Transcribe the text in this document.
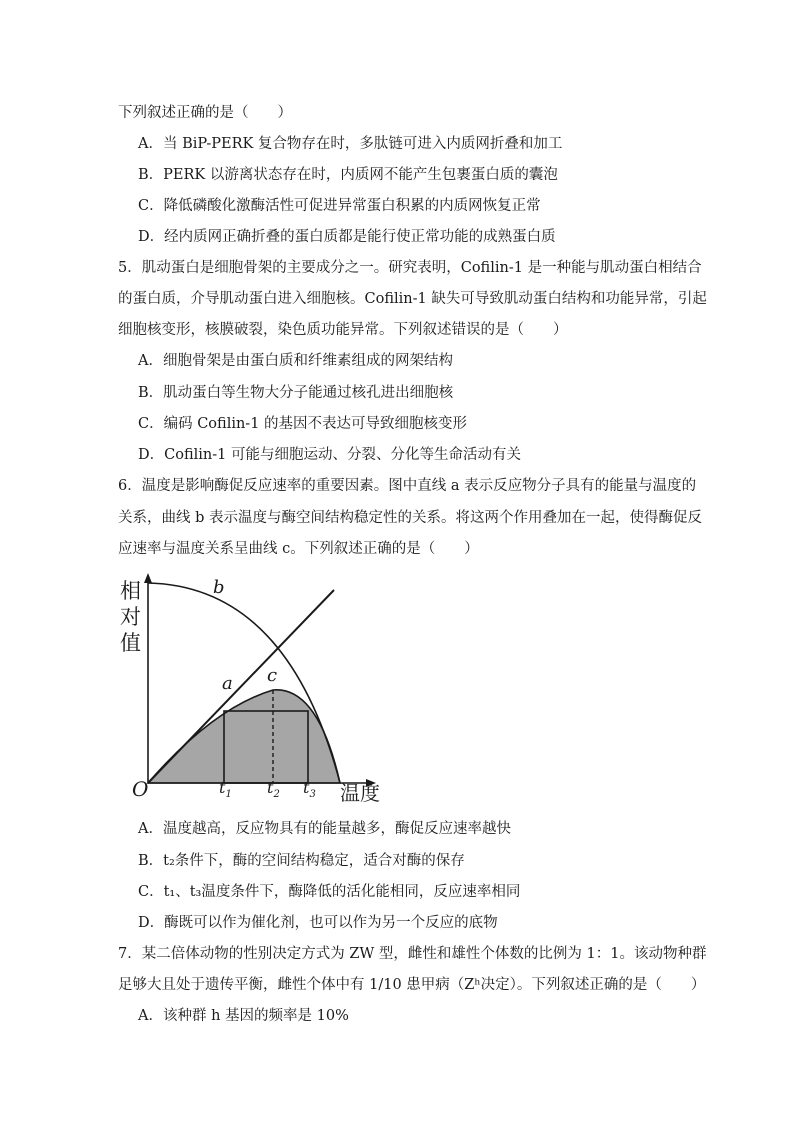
下列叙述正确的是（　　）
A．当 BiP-PERK 复合物存在时，多肽链可进入内质网折叠和加工
B．PERK 以游离状态存在时，内质网不能产生包裹蛋白质的囊泡
C．降低磷酸化激酶活性可促进异常蛋白积累的内质网恢复正常
D．经内质网正确折叠的蛋白质都是能行使正常功能的成熟蛋白质
5．肌动蛋白是细胞骨架的主要成分之一。研究表明，Cofilin-1 是一种能与肌动蛋白相结合
的蛋白质，介导肌动蛋白进入细胞核。Cofilin-1 缺失可导致肌动蛋白结构和功能异常，引起
细胞核变形，核膜破裂，染色质功能异常。下列叙述错误的是（　　）
A．细胞骨架是由蛋白质和纤维素组成的网架结构
B．肌动蛋白等生物大分子能通过核孔进出细胞核
C．编码 Cofilin-1 的基因不表达可导致细胞核变形
D．Cofilin-1 可能与细胞运动、分裂、分化等生命活动有关
6．温度是影响酶促反应速率的重要因素。图中直线 a 表示反应物分子具有的能量与温度的
关系，曲线 b 表示温度与酶空间结构稳定性的关系。将这两个作用叠加在一起，使得酶促反
应速率与温度关系呈曲线 c。下列叙述正确的是（　　）
相
对
值
O	温度
b
a c
$t_1$ $t_2$ $t_3$
A．温度越高，反应物具有的能量越多，酶促反应速率越快
B．t₂条件下，酶的空间结构稳定，适合对酶的保存
C．t₁、t₃温度条件下，酶降低的活化能相同，反应速率相同
D．酶既可以作为催化剂，也可以作为另一个反应的底物
7．某二倍体动物的性别决定方式为 ZW 型，雌性和雄性个体数的比例为 1：1。该动物种群
足够大且处于遗传平衡，雌性个体中有 1/10 患甲病（Zʰ决定）。下列叙述正确的是（　　）
A．该种群 h 基因的频率是 10%
